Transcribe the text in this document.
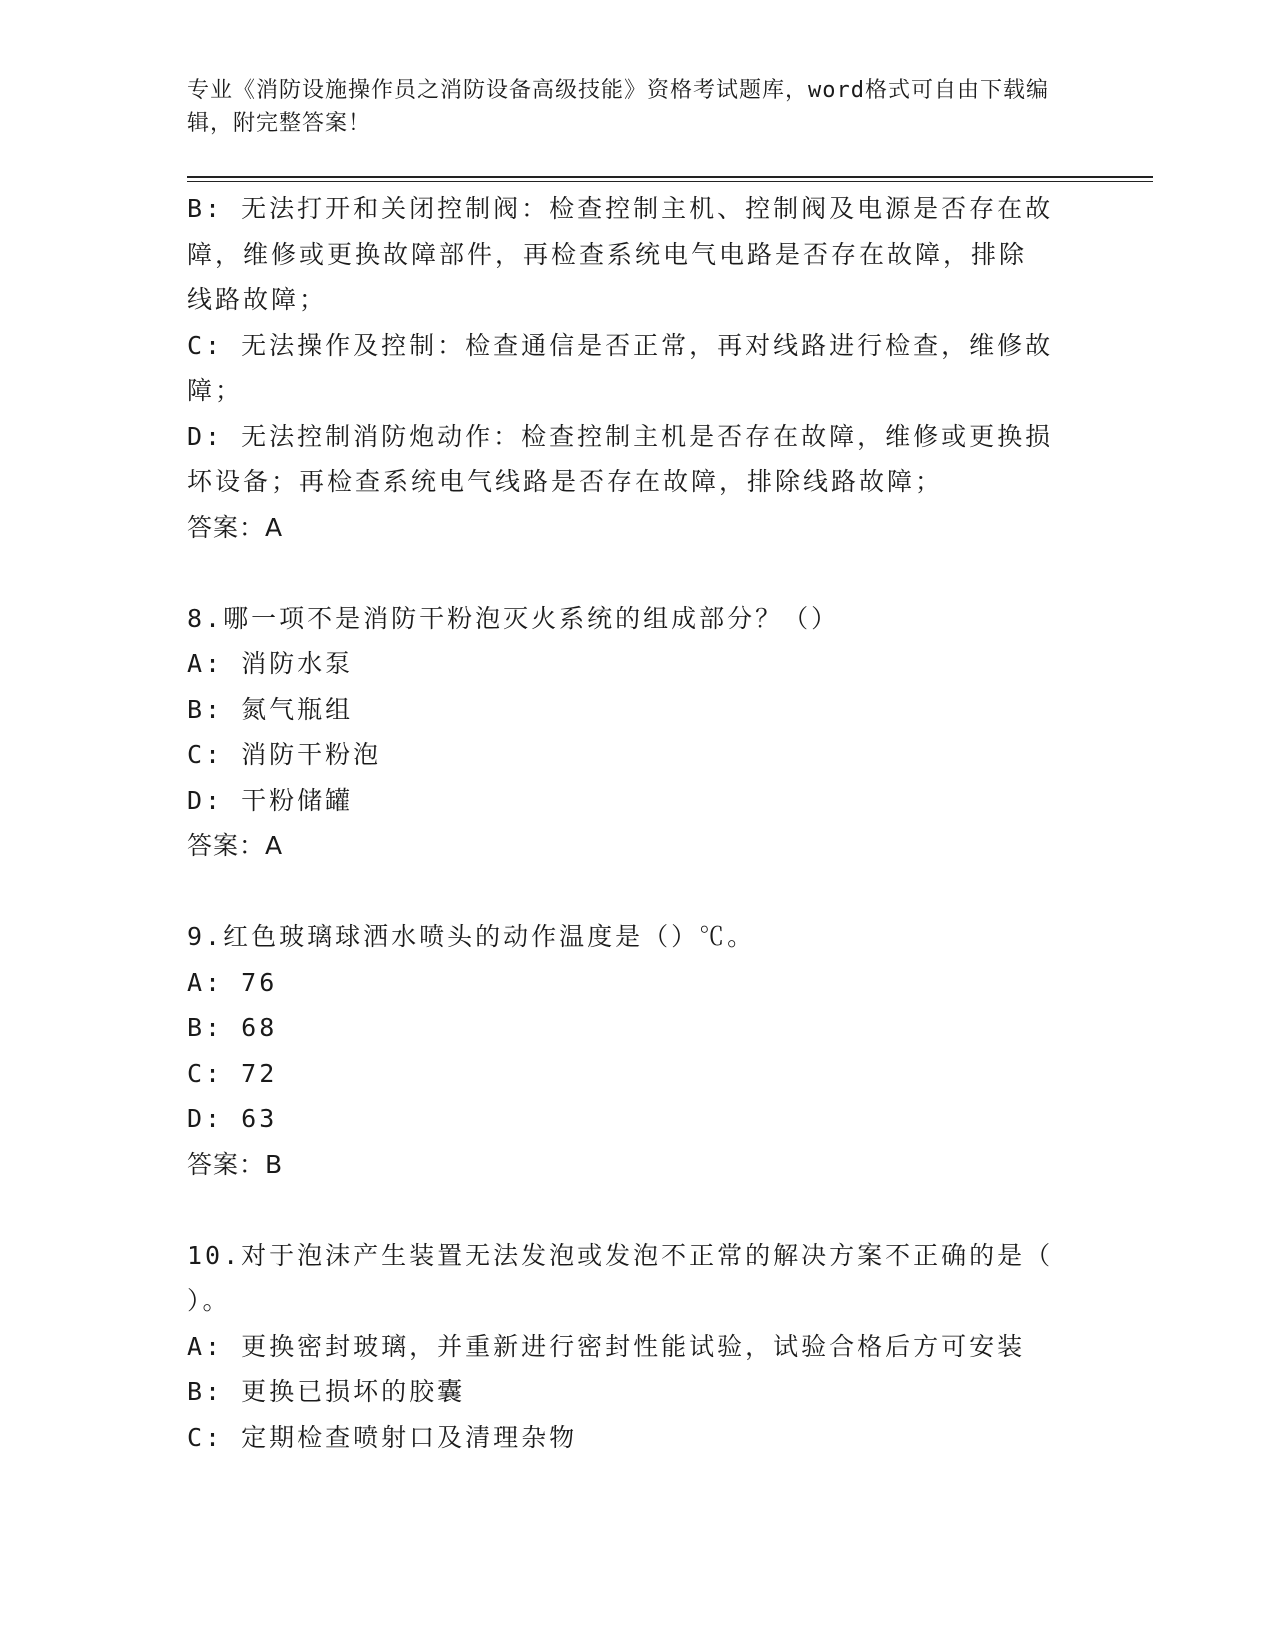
专业《消防设施操作员之消防设备高级技能》资格考试题库，word格式可自由下载编辑，附完整答案！
B: 无法打开和关闭控制阀：检查控制主机、控制阀及电源是否存在故
障，维修或更换故障部件，再检查系统电气电路是否存在故障，排除
线路故障；
C: 无法操作及控制：检查通信是否正常，再对线路进行检查，维修故
障；
D: 无法控制消防炮动作：检查控制主机是否存在故障，维修或更换损
坏设备；再检查系统电气线路是否存在故障，排除线路故障；
答案：A
8.哪一项不是消防干粉泡灭火系统的组成部分？（）
A: 消防水泵
B: 氮气瓶组
C: 消防干粉泡
D: 干粉储罐
答案：A
9.红色玻璃球洒水喷头的动作温度是（）℃。
A: 76
B: 68
C: 72
D: 63
答案：B
10.对于泡沫产生装置无法发泡或发泡不正常的解决方案不正确的是（
）。
A: 更换密封玻璃，并重新进行密封性能试验，试验合格后方可安装
B: 更换已损坏的胶囊
C: 定期检查喷射口及清理杂物
